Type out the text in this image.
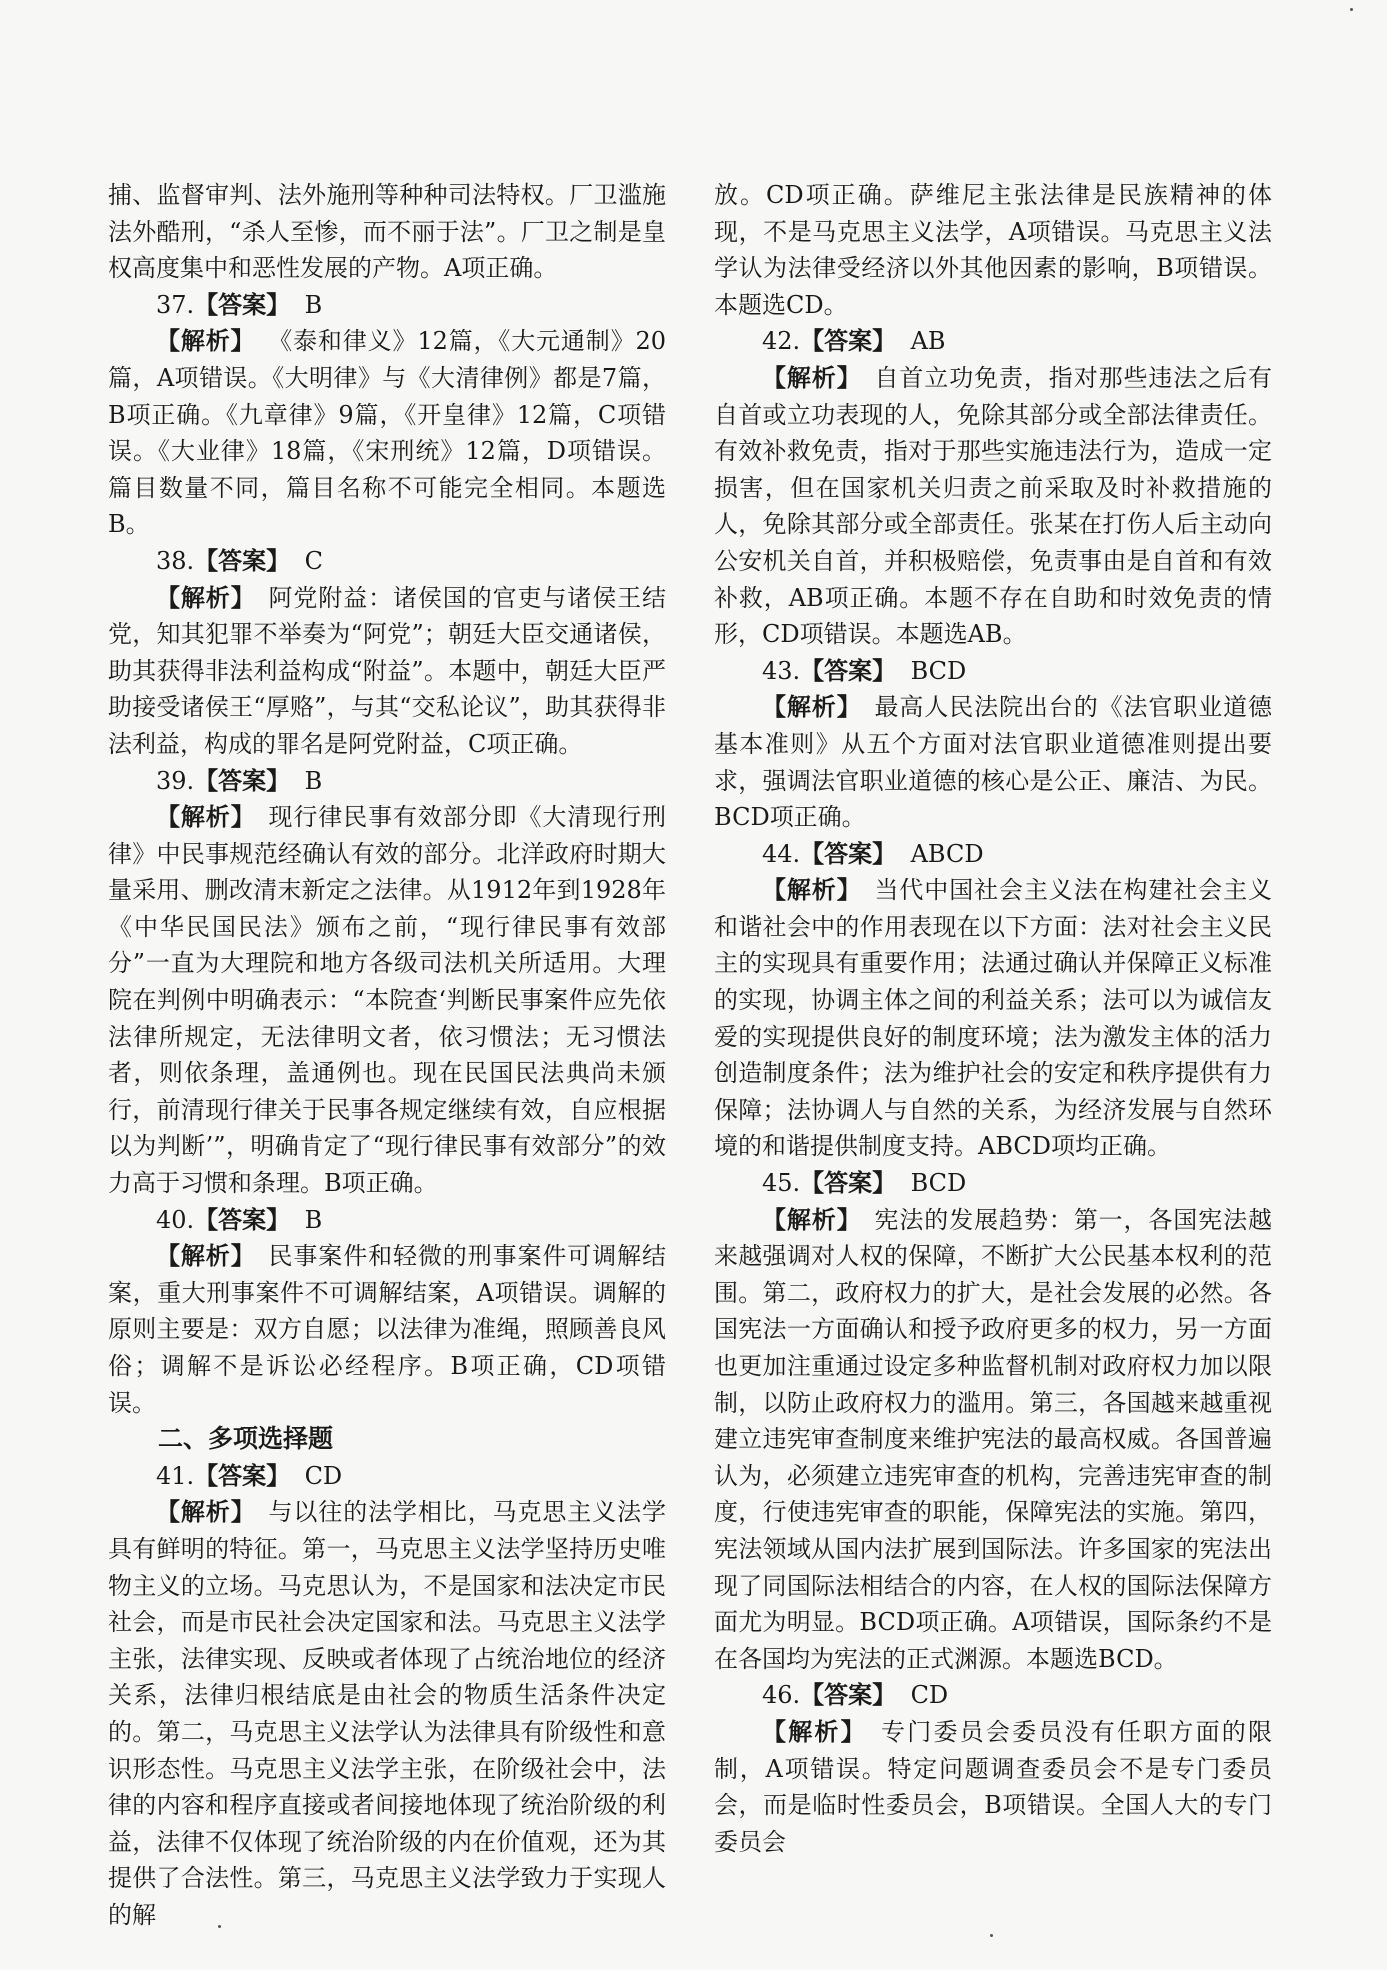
捕、监督审判、法外施刑等种种司法特权。厂卫滥施法外酷刑，“杀人至惨，而不丽于法”。厂卫之制是皇权高度集中和恶性发展的产物。A项正确。

37.【答案】 B

【解析】  《泰和律义》12篇，《大元通制》20篇，A项错误。《大明律》与《大清律例》都是7篇，B项正确。《九章律》9篇，《开皇律》12篇，C项错误。《大业律》18篇，《宋刑统》12篇，D项错误。篇目数量不同，篇目名称不可能完全相同。本题选B。

38.【答案】 C

【解析】  阿党附益：诸侯国的官吏与诸侯王结党，知其犯罪不举奏为“阿党”；朝廷大臣交通诸侯，助其获得非法利益构成“附益”。本题中，朝廷大臣严助接受诸侯王“厚赂”，与其“交私论议”，助其获得非法利益，构成的罪名是阿党附益，C项正确。

39.【答案】 B

【解析】  现行律民事有效部分即《大清现行刑律》中民事规范经确认有效的部分。北洋政府时期大量采用、删改清末新定之法律。从1912年到1928年《中华民国民法》颁布之前，“现行律民事有效部分”一直为大理院和地方各级司法机关所适用。大理院在判例中明确表示：“本院查‘判断民事案件应先依法律所规定，无法律明文者，依习惯法；无习惯法者，则依条理，盖通例也。现在民国民法典尚未颁行，前清现行律关于民事各规定继续有效，自应根据以为判断’”，明确肯定了“现行律民事有效部分”的效力高于习惯和条理。B项正确。

40.【答案】 B

【解析】  民事案件和轻微的刑事案件可调解结案，重大刑事案件不可调解结案，A项错误。调解的原则主要是：双方自愿；以法律为准绳，照顾善良风俗；调解不是诉讼必经程序。B项正确，CD项错误。

二、多项选择题

41.【答案】 CD

【解析】  与以往的法学相比，马克思主义法学具有鲜明的特征。第一，马克思主义法学坚持历史唯物主义的立场。马克思认为，不是国家和法决定市民社会，而是市民社会决定国家和法。马克思主义法学主张，法律实现、反映或者体现了占统治地位的经济关系，法律归根结底是由社会的物质生活条件决定的。第二，马克思主义法学认为法律具有阶级性和意识形态性。马克思主义法学主张，在阶级社会中，法律的内容和程序直接或者间接地体现了统治阶级的利益，法律不仅体现了统治阶级的内在价值观，还为其提供了合法性。第三，马克思主义法学致力于实现人的解

放。CD项正确。萨维尼主张法律是民族精神的体现，不是马克思主义法学，A项错误。马克思主义法学认为法律受经济以外其他因素的影响，B项错误。本题选CD。

42.【答案】 AB

【解析】  自首立功免责，指对那些违法之后有自首或立功表现的人，免除其部分或全部法律责任。有效补救免责，指对于那些实施违法行为，造成一定损害，但在国家机关归责之前采取及时补救措施的人，免除其部分或全部责任。张某在打伤人后主动向公安机关自首，并积极赔偿，免责事由是自首和有效补救，AB项正确。本题不存在自助和时效免责的情形，CD项错误。本题选AB。

43.【答案】 BCD

【解析】  最高人民法院出台的《法官职业道德基本准则》从五个方面对法官职业道德准则提出要求，强调法官职业道德的核心是公正、廉洁、为民。BCD项正确。

44.【答案】 ABCD

【解析】  当代中国社会主义法在构建社会主义和谐社会中的作用表现在以下方面：法对社会主义民主的实现具有重要作用；法通过确认并保障正义标准的实现，协调主体之间的利益关系；法可以为诚信友爱的实现提供良好的制度环境；法为激发主体的活力创造制度条件；法为维护社会的安定和秩序提供有力保障；法协调人与自然的关系，为经济发展与自然环境的和谐提供制度支持。ABCD项均正确。

45.【答案】 BCD

【解析】  宪法的发展趋势：第一，各国宪法越来越强调对人权的保障，不断扩大公民基本权利的范围。第二，政府权力的扩大，是社会发展的必然。各国宪法一方面确认和授予政府更多的权力，另一方面也更加注重通过设定多种监督机制对政府权力加以限制，以防止政府权力的滥用。第三，各国越来越重视建立违宪审查制度来维护宪法的最高权威。各国普遍认为，必须建立违宪审查的机构，完善违宪审查的制度，行使违宪审查的职能，保障宪法的实施。第四，宪法领域从国内法扩展到国际法。许多国家的宪法出现了同国际法相结合的内容，在人权的国际法保障方面尤为明显。BCD项正确。A项错误，国际条约不是在各国均为宪法的正式渊源。本题选BCD。

46.【答案】 CD

【解析】  专门委员会委员没有任职方面的限制，A项错误。特定问题调查委员会不是专门委员会，而是临时性委员会，B项错误。全国人大的专门委员会
